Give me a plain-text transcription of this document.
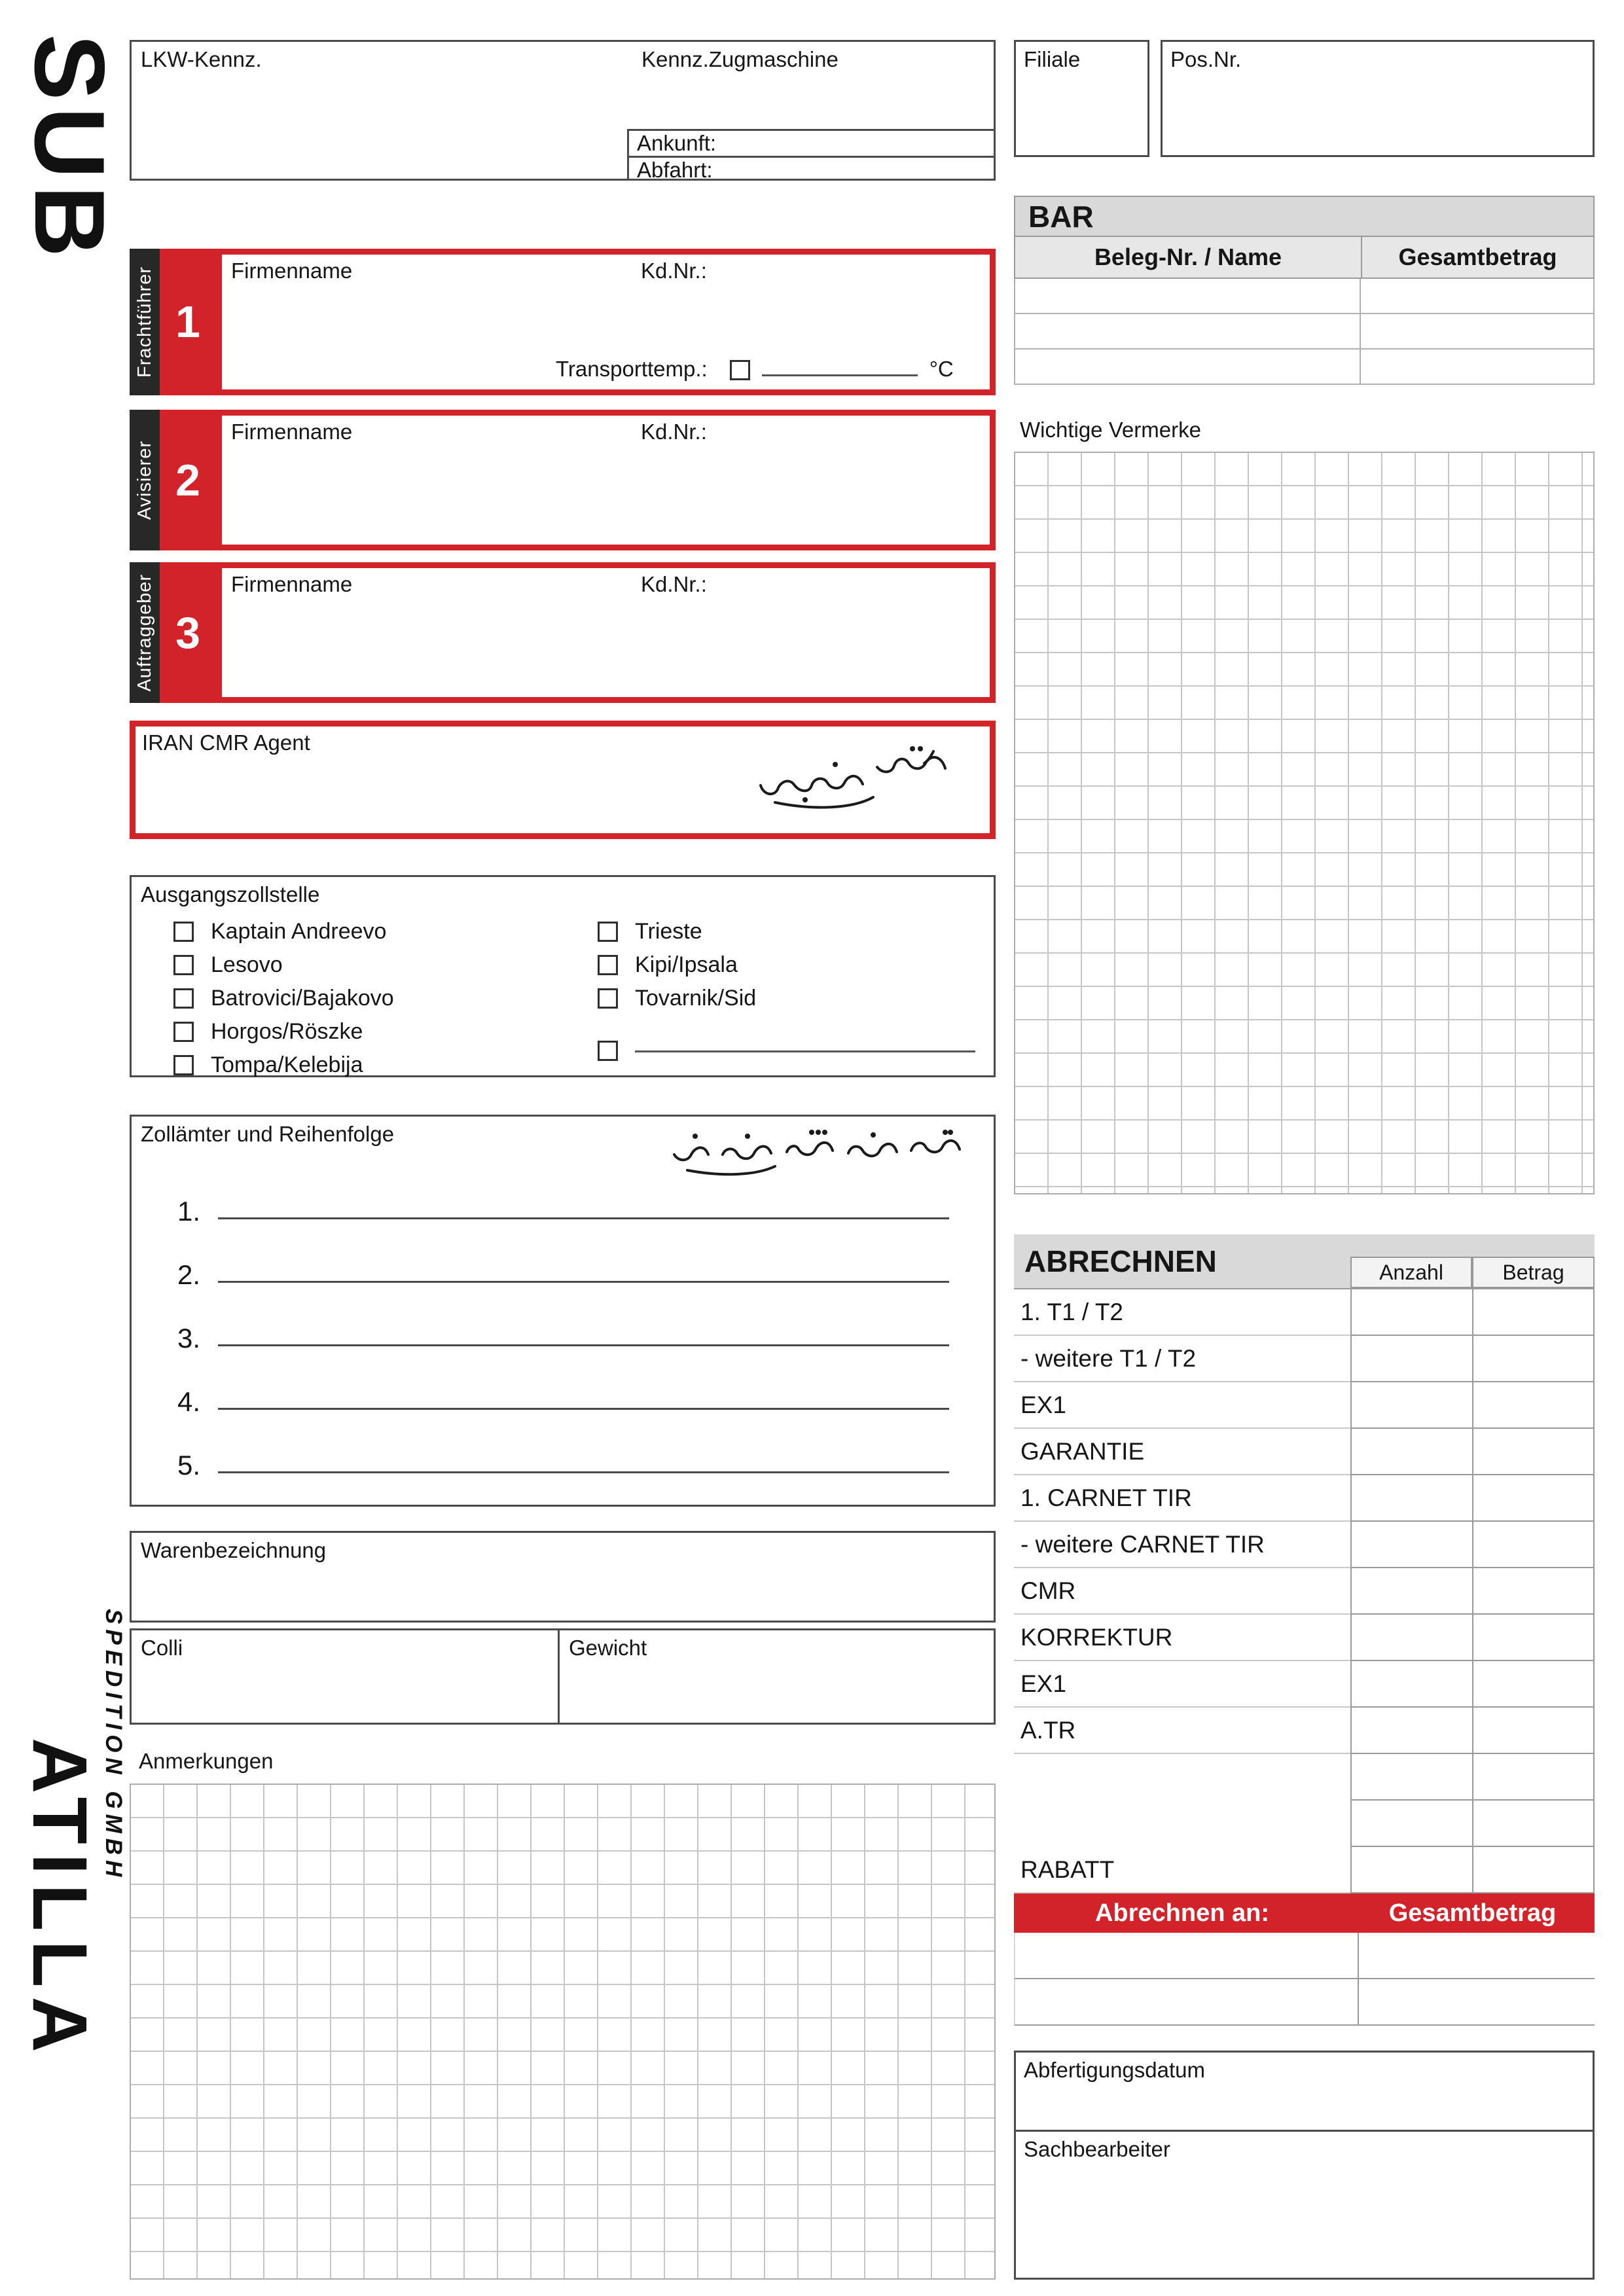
SUB
ATILLA
SPEDITION GMBH
LKW-Kennz.	Kennz.Zugmaschine
Ankunft:
Abfahrt:
Filiale	Pos.Nr.
BAR
Beleg-Nr. / Name	Gesamtbetrag
Frachtführer 1
Firmenname	Kd.Nr.:
Transporttemp.:	°C
Avisierer 2
Firmenname	Kd.Nr.:
Auftraggeber 3
Firmenname	Kd.Nr.:
IRAN CMR Agent
Wichtige Vermerke
Ausgangszollstelle
Kaptain Andreevo
Lesovo
Batrovici/Bajakovo
Horgos/Röszke
Tompa/Kelebija
Trieste
Kipi/Ipsala
Tovarnik/Sid
Zollämter und Reihenfolge
1.
2.
3.
4.
5.
Warenbezeichnung
Colli	Gewicht
Anmerkungen
ABRECHNEN	Anzahl	Betrag
1. T1 / T2
- weitere T1 / T2
EX1
GARANTIE
1. CARNET TIR
- weitere CARNET TIR
CMR
KORREKTUR
EX1
A.TR
RABATT
Abrechnen an:	Gesamtbetrag
Abfertigungsdatum
Sachbearbeiter
